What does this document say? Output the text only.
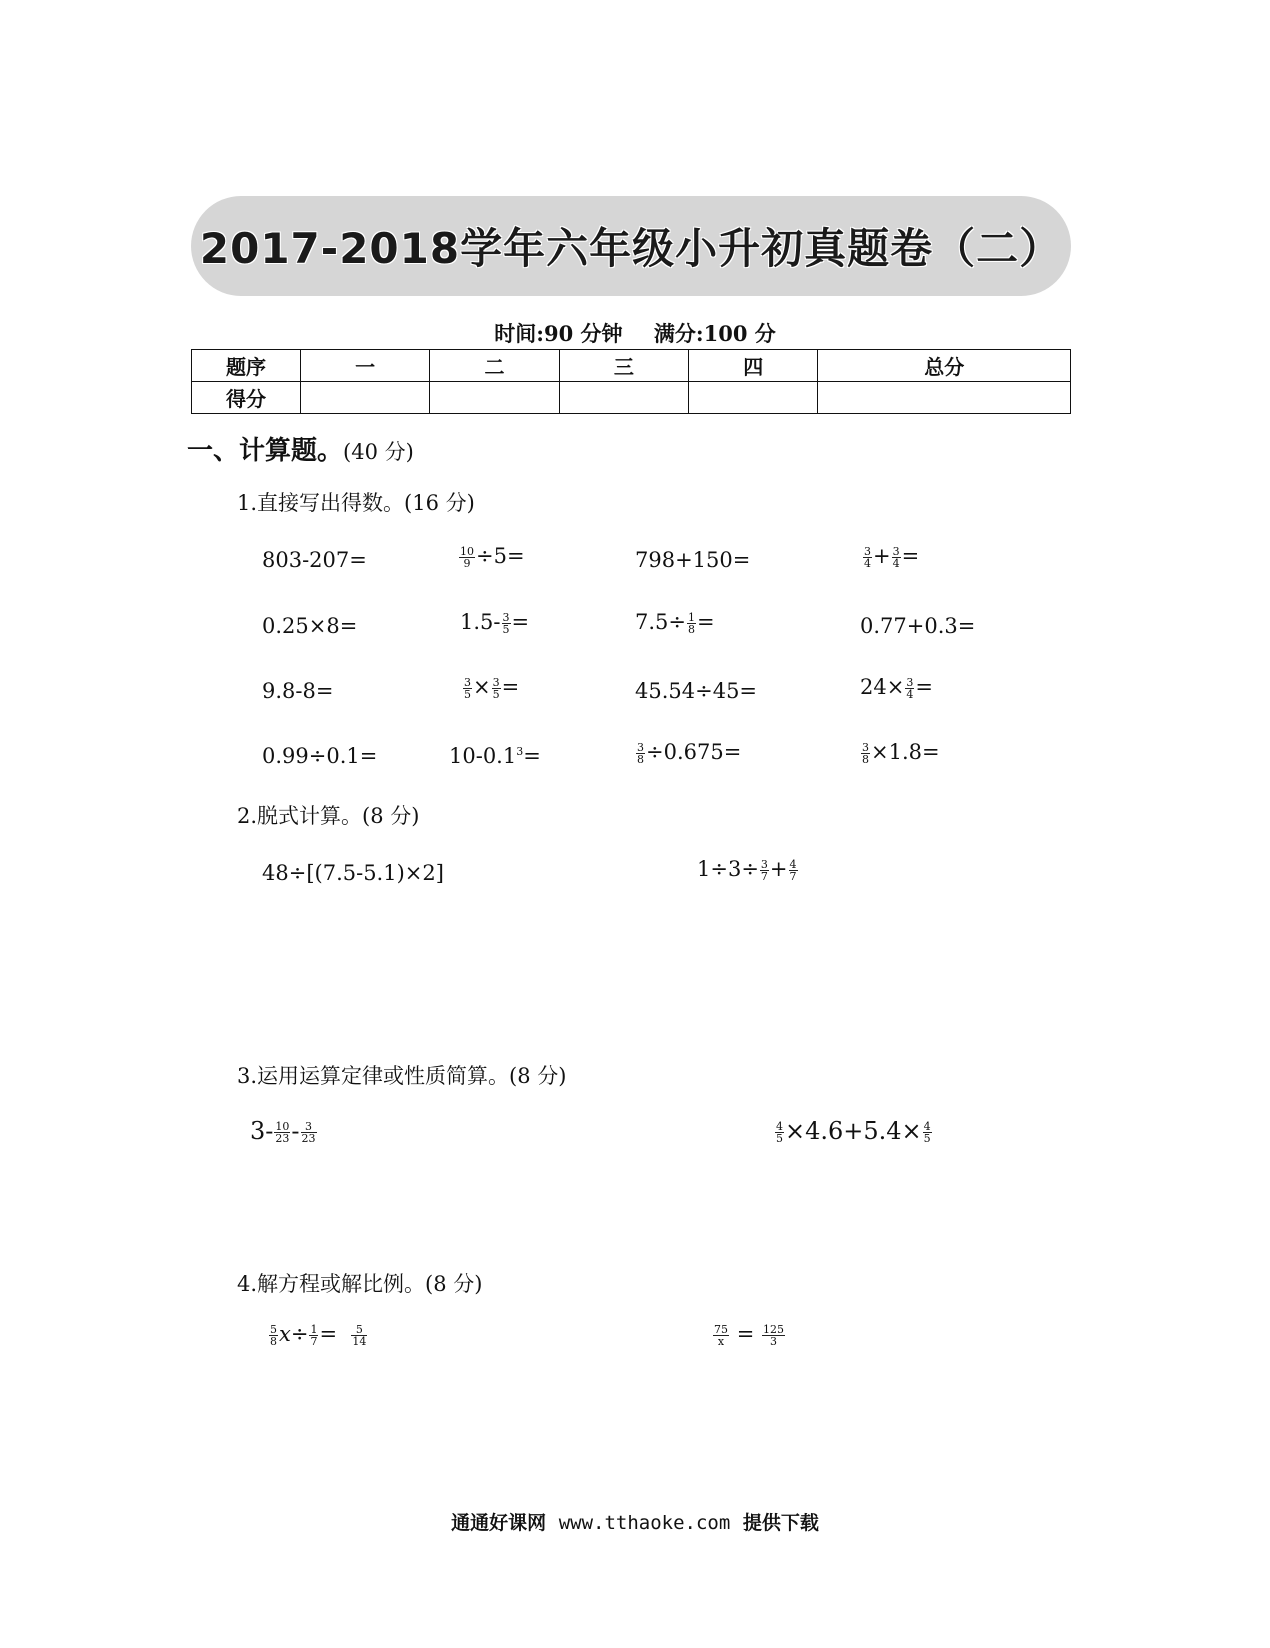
2017-2018学年六年级小升初真题卷（二）
时间:90 分钟 满分:100 分
题序	一	二	三	四	总分
得分					
一、计算题。(40 分)
1.直接写出得数。(16 分)
803-207=	$\frac{10}{9} \div 5=$	798+150=	$\frac{3}{4} + \frac{3}{4}$ =
0.25×8=	$1.5- \frac{3}{5}$ =	$7.5\div \frac{1}{8}$ =	0.77+0.3=
9.8-8=	$\frac{3}{5} \times \frac{3}{5}$ =	45.54÷45=	$24\times \frac{3}{4}$ =
0.99÷0.1=	$10-0.1^3=$	$\frac{3}{8} \div 0.675=$	$\frac{3}{8} \times 1.8=$
2.脱式计算。(8 分)
48÷[(7.5-5.1)×2]	$1\div 3\div \frac{3}{7} + \frac{4}{7}$
3.运用运算定律或性质简算。(8 分)
$3- \frac{10}{23} - \frac{3}{23}$	$\frac{4}{5} \times 4.6+5.4\times \frac{4}{5}$
4.解方程或解比例。(8 分)
$\frac{5}{8} x\div \frac{1}{7} = \frac{5}{14}$	$\frac{75}{x} = \frac{125}{3}$
通通好课网 www.tthaoke.com 提供下载
